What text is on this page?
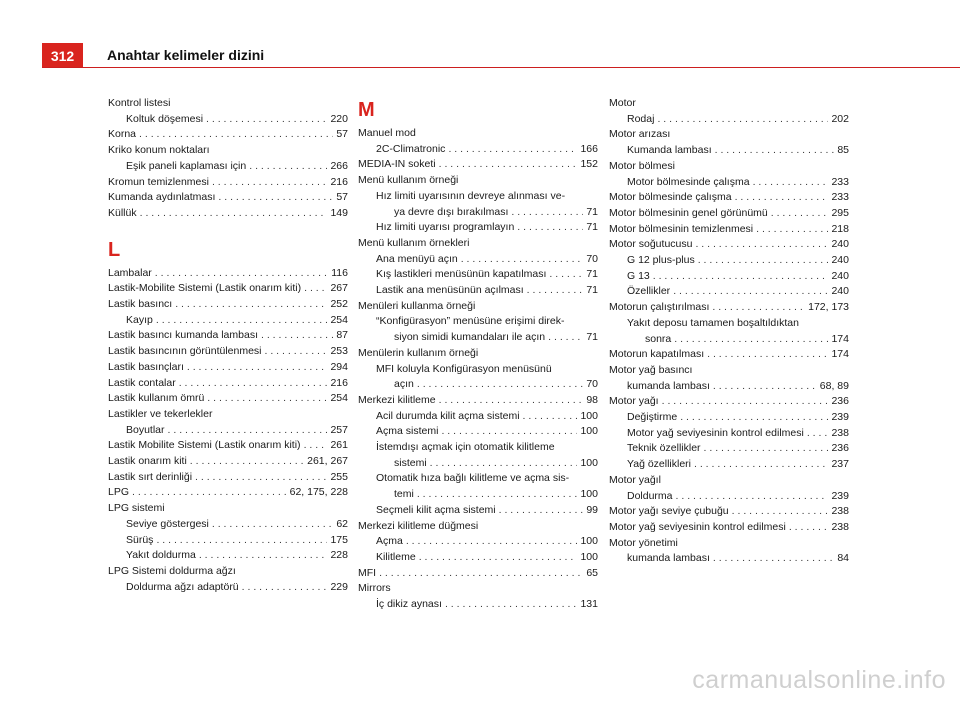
312	Anahtar kelimeler dizini
Kontrol listesi
Koltuk döşemesi . . .	220
Korna . . .	57
Kriko konum noktaları
Eşik paneli kaplaması için . . .	266
Kromun temizlenmesi . . .	216
Kumanda aydınlatması . . .	57
Küllük . . .	149
L
Lambalar . . .	116
Lastik-Mobilite Sistemi (Lastik onarım kiti) . . .	267
Lastik basıncı . . .	252
Kayıp . . .	254
Lastik basıncı kumanda lambası . . .	87
Lastik basıncının görüntülenmesi . . .	253
Lastik basınçları . . .	294
Lastik contalar . . .	216
Lastik kullanım ömrü . . .	254
Lastikler ve tekerlekler
Boyutlar . . .	257
Lastik Mobilite Sistemi (Lastik onarım kiti) . . .	261
Lastik onarım kiti . . .	261, 267
Lastik sırt derinliği . . .	255
LPG . . .	62, 175, 228
LPG sistemi
Seviye göstergesi . . .	62
Sürüş . . .	175
Yakıt doldurma . . .	228
LPG Sistemi doldurma ağzı
Doldurma ağzı adaptörü . . .	229
M
Manuel mod
2C-Climatronic . . .	166
MEDIA-IN soketi . . .	152
Menü kullanım örneği
Hız limiti uyarısının devreye alınması ve-
ya devre dışı bırakılması . . .	71
Hız limiti uyarısı programlayın . . .	71
Menü kullanım örnekleri
Ana menüyü açın . . .	70
Kış lastikleri menüsünün kapatılması . . .	71
Lastik ana menüsünün açılması . . .	71
Menüleri kullanma örneği
“Konfigürasyon” menüsüne erişimi direk-
siyon simidi kumandaları ile açın . . .	71
Menülerin kullanım örneği
MFI koluyla Konfigürasyon menüsünü
açın . . .	70
Merkezi kilitleme . . .	98
Acil durumda kilit açma sistemi . . .	100
Açma sistemi . . .	100
İstemdışı açmak için otomatik kilitleme
sistemi . . .	100
Otomatik hıza bağlı kilitleme ve açma sis-
temi . . .	100
Seçmeli kilit açma sistemi . . .	99
Merkezi kilitleme düğmesi
Açma . . .	100
Kilitleme . . .	100
MFI . . .	65
Mirrors
İç dikiz aynası . . .	131
Motor
Rodaj . . .	202
Motor arızası
Kumanda lambası . . .	85
Motor bölmesi
Motor bölmesinde çalışma . . .	233
Motor bölmesinde çalışma . . .	233
Motor bölmesinin genel görünümü . . .	295
Motor bölmesinin temizlenmesi . . .	218
Motor soğutucusu . . .	240
G 12 plus-plus . . .	240
G 13 . . .	240
Özellikler . . .	240
Motorun çalıştırılması . . .	172, 173
Yakıt deposu tamamen boşaltıldıktan
sonra . . .	174
Motorun kapatılması . . .	174
Motor yağ basıncı
kumanda lambası . . .	68, 89
Motor yağı . . .	236
Değiştirme . . .	239
Motor yağ seviyesinin kontrol edilmesi . . .	238
Teknik özellikler . . .	236
Yağ özellikleri . . .	237
Motor yağıl
Doldurma . . .	239
Motor yağı seviye çubuğu . . .	238
Motor yağ seviyesinin kontrol edilmesi . . .	238
Motor yönetimi
kumanda lambası . . .	84
carmanualsonline.info
